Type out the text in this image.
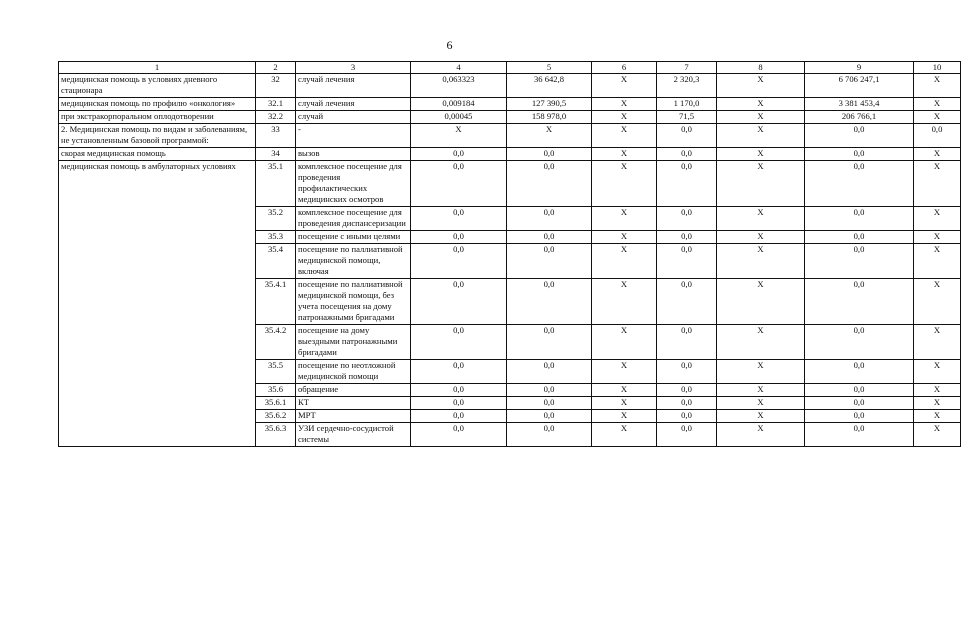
6
1	2	3	4	5	6	7	8	9	10
медицинская помощь в условиях дневного стационара	32	случай лечения	0,063323	36 642,8	X	2 320,3	X	6 706 247,1	X
медицинская помощь по профилю «онкология»	32.1	случай лечения	0,009184	127 390,5	X	1 170,0	X	3 381 453,4	X
при экстракорпоральном оплодотворении	32.2	случай	0,00045	158 978,0	X	71,5	X	206 766,1	X
2. Медицинская помощь по видам и заболеваниям, не установленным базовой программой:	33	-	X	X	X	0,0	X	0,0	0,0
скорая медицинская помощь	34	вызов	0,0	0,0	X	0,0	X	0,0	X
медицинская помощь в амбулаторных условиях	35.1	комплексное посещение для проведения профилактических медицинских осмотров	0,0	0,0	X	0,0	X	0,0	X
	35.2	комплексное посещение для проведения диспансеризации	0,0	0,0	X	0,0	X	0,0	X
	35.3	посещение с иными целями	0,0	0,0	X	0,0	X	0,0	X
	35.4	посещение по паллиативной медицинской помощи, включая	0,0	0,0	X	0,0	X	0,0	X
	35.4.1	посещение по паллиативной медицинской помощи, без учета посещения на дому патронажными бригадами	0,0	0,0	X	0,0	X	0,0	X
	35.4.2	посещение на дому выездными патронажными бригадами	0,0	0,0	X	0,0	X	0,0	X
	35.5	посещение по неотложной медицинской помощи	0,0	0,0	X	0,0	X	0,0	X
	35.6	обращение	0,0	0,0	X	0,0	X	0,0	X
	35.6.1	КТ	0,0	0,0	X	0,0	X	0,0	X
	35.6.2	МРТ	0,0	0,0	X	0,0	X	0,0	X
	35.6.3	УЗИ сердечно-сосудистой системы	0,0	0,0	X	0,0	X	0,0	X
